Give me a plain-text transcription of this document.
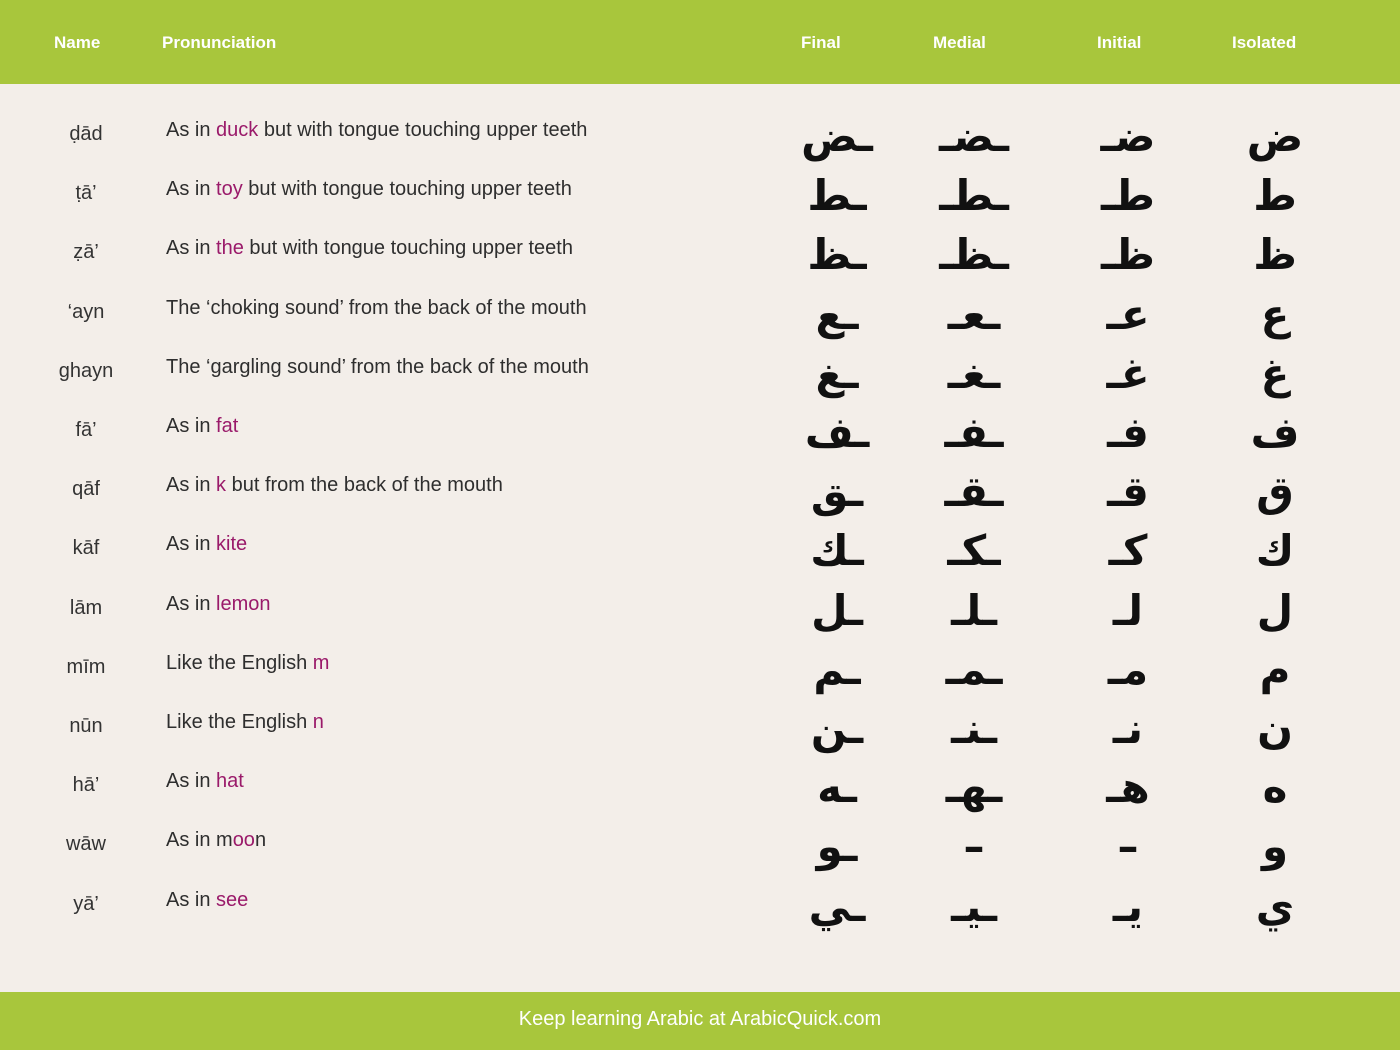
Name	Pronunciation	Final	Medial	Initial	Isolated
ḍād	As in duck but with tongue touching upper teeth	ـض	ـضـ	ضـ	ض
ṭā’	As in toy but with tongue touching upper teeth	ـط	ـطـ	طـ	ط
ẓā’	As in the but with tongue touching upper teeth	ـظ	ـظـ	ظـ	ظ
‘ayn	The ‘choking sound’ from the back of the mouth	ـع	ـعـ	عـ	ع
ghayn	The ‘gargling sound’ from the back of the mouth	ـغ	ـغـ	غـ	غ
fā’	As in fat	ـف	ـفـ	فـ	ف
qāf	As in k but from the back of the mouth	ـق	ـقـ	قـ	ق
kāf	As in kite	ـك	ـكـ	كـ	ك
lām	As in lemon	ـل	ـلـ	لـ	ل
mīm	Like the English m	ـم	ـمـ	مـ	م
nūn	Like the English n	ـن	ـنـ	نـ	ن
hā’	As in hat	ـه	ـهـ	هـ	ه
wāw	As in moon	ـو	–	–	و
yā’	As in see	ـي	ـيـ	يـ	ي
Keep learning Arabic at ArabicQuick.com
